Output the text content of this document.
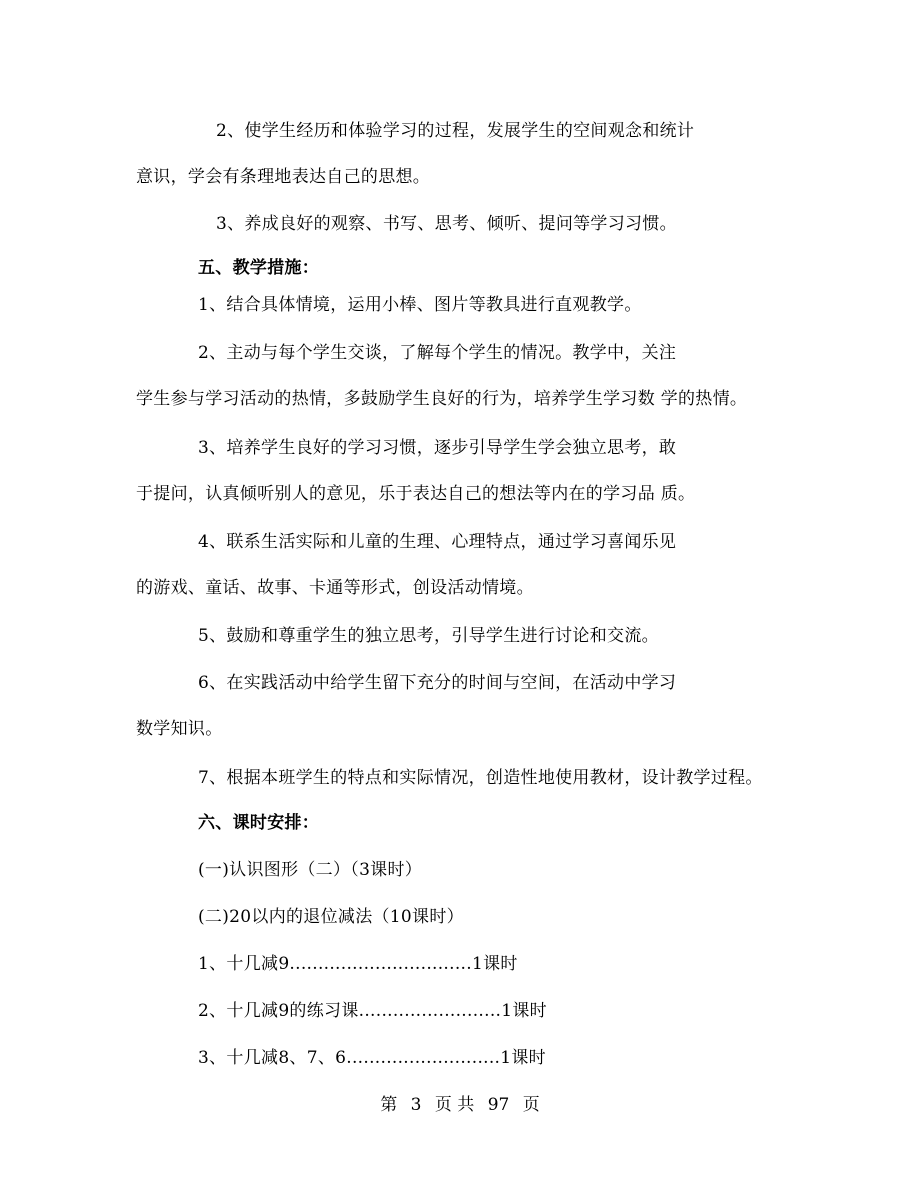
2、使学生经历和体验学习的过程，发展学生的空间观念和统计
意识，学会有条理地表达自己的思想。
3、养成良好的观察、书写、思考、倾听、提问等学习习惯。
五、教学措施：
1、结合具体情境，运用小棒、图片等教具进行直观教学。
2、主动与每个学生交谈，了解每个学生的情况。教学中，关注
学生参与学习活动的热情，多鼓励学生良好的行为，培养学生学习数 学的热情。
3、培养学生良好的学习习惯，逐步引导学生学会独立思考，敢
于提问，认真倾听别人的意见，乐于表达自己的想法等内在的学习品 质。
4、联系生活实际和儿童的生理、心理特点，通过学习喜闻乐见
的游戏、童话、故事、卡通等形式，创设活动情境。
5、鼓励和尊重学生的独立思考，引导学生进行讨论和交流。
6、在实践活动中给学生留下充分的时间与空间，在活动中学习
数学知识。
7、根据本班学生的特点和实际情况，创造性地使用教材，设计教学过程。
六、课时安排：
(一)认识图形（二）（3课时）
(二)20以内的退位减法（10课时）
1、十几减9................................1课时
2、十几减9的练习课.........................1课时
3、十几减8、7、6...........................1课时
第 3 页 共 97 页
